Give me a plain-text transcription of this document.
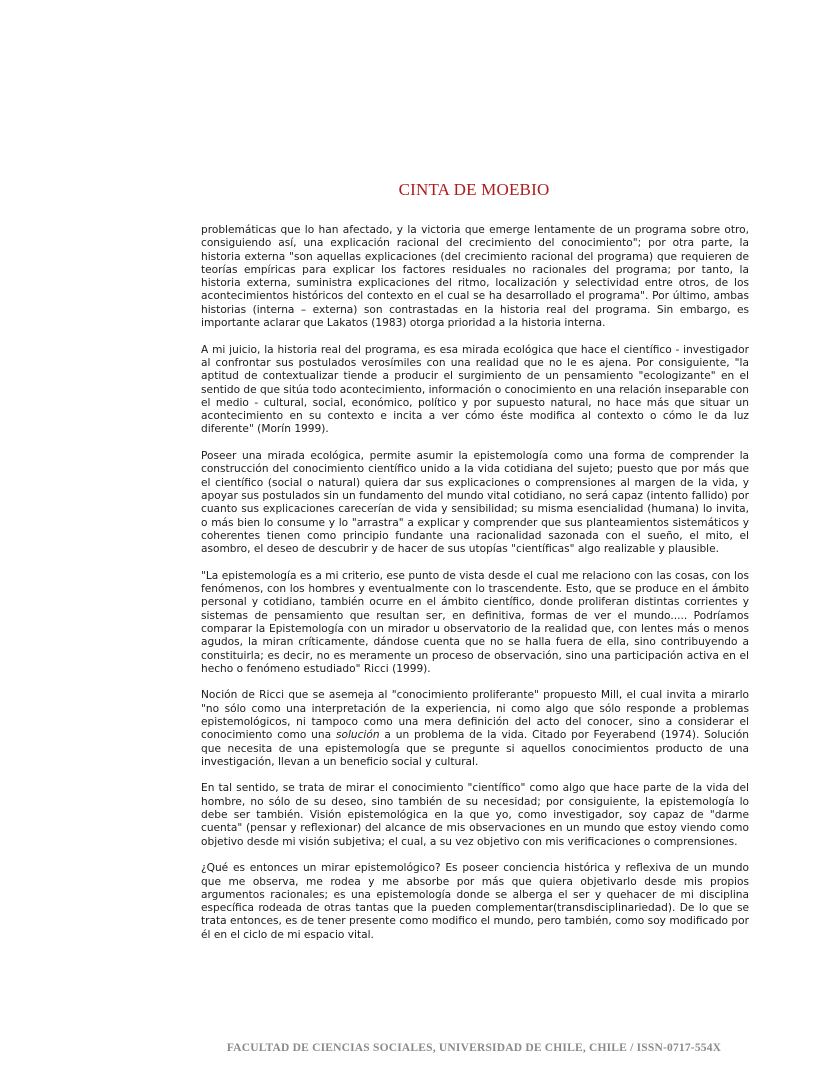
CINTA DE MOEBIO

problemáticas que lo han afectado, y la victoria que emerge lentamente de un programa sobre otro, consiguiendo así, una explicación racional del crecimiento del conocimiento"; por otra parte, la historia externa "son aquellas explicaciones (del crecimiento racional del programa) que requieren de teorías empíricas para explicar los factores residuales no racionales del programa; por tanto, la historia externa, suministra explicaciones del ritmo, localización y selectividad entre otros, de los acontecimientos históricos del contexto en el cual se ha desarrollado el programa". Por último, ambas historias (interna – externa) son contrastadas en la historia real del programa. Sin embargo, es importante aclarar que Lakatos (1983) otorga prioridad a la historia interna.

A mi juicio, la historia real del programa, es esa mirada ecológica que hace el científico - investigador al confrontar sus postulados verosímiles con una realidad que no le es ajena. Por consiguiente, "la aptitud de contextualizar tiende a producir el surgimiento de un pensamiento "ecologizante" en el sentido de que sitúa todo acontecimiento, información o conocimiento en una relación inseparable con el medio - cultural, social, económico, político y por supuesto natural, no hace más que situar un acontecimiento en su contexto e incita a ver cómo éste modifica al contexto o cómo le da luz diferente" (Morín 1999).

Poseer una mirada ecológica, permite asumir la epistemología como una forma de comprender la construcción del conocimiento científico unido a la vida cotidiana del sujeto; puesto que por más que el científico (social o natural) quiera dar sus explicaciones o comprensiones al margen de la vida, y apoyar sus postulados sin un fundamento del mundo vital cotidiano, no será capaz (intento fallido) por cuanto sus explicaciones carecerían de vida y sensibilidad; su misma esencialidad (humana) lo invita, o más bien lo consume y lo "arrastra" a explicar y comprender que sus planteamientos sistemáticos y coherentes tienen como principio fundante una racionalidad sazonada con el sueño, el mito, el asombro, el deseo de descubrir y de hacer de sus utopías "científicas" algo realizable y plausible.

"La epistemología es a mi criterio, ese punto de vista desde el cual me relaciono con las cosas, con los fenómenos, con los hombres y eventualmente con lo trascendente. Esto, que se produce en el ámbito personal y cotidiano, también ocurre en el ámbito científico, donde proliferan distintas corrientes y sistemas de pensamiento que resultan ser, en definitiva, formas de ver el mundo..... Podríamos comparar la Epistemología con un mirador u observatorio de la realidad que, con lentes más o menos agudos, la miran críticamente, dándose cuenta que no se halla fuera de ella, sino contribuyendo a constituirla; es decir, no es meramente un proceso de observación, sino una participación activa en el hecho o fenómeno estudiado" Ricci (1999).

Noción de Ricci que se asemeja al "conocimiento proliferante" propuesto Mill, el cual invita a mirarlo "no sólo como una interpretación de la experiencia, ni como algo que sólo responde a problemas epistemológicos, ni tampoco como una mera definición del acto del conocer, sino a considerar el conocimiento como una solución a un problema de la vida. Citado por Feyerabend (1974). Solución que necesita de una epistemología que se pregunte si aquellos conocimientos producto de una investigación, llevan a un beneficio social y cultural.

En tal sentido, se trata de mirar el conocimiento "científico" como algo que hace parte de la vida del hombre, no sólo de su deseo, sino también de su necesidad; por consiguiente, la epistemología lo debe ser también. Visión epistemológica en la que yo, como investigador, soy capaz de "darme cuenta" (pensar y reflexionar) del alcance de mis observaciones en un mundo que estoy viendo como objetivo desde mi visión subjetiva; el cual, a su vez objetivo con mis verificaciones o comprensiones.

¿Qué es entonces un mirar epistemológico? Es poseer conciencia histórica y reflexiva de un mundo que me observa, me rodea y me absorbe por más que quiera objetivarlo desde mis propios argumentos racionales; es una epistemología donde se alberga el ser y quehacer de mi disciplina específica rodeada de otras tantas que la pueden complementar(transdisciplinariedad). De lo que se trata entonces, es de tener presente como modifico el mundo, pero también, como soy modificado por él en el ciclo de mi espacio vital.

FACULTAD DE CIENCIAS SOCIALES, UNIVERSIDAD DE CHILE, CHILE / ISSN-0717-554X
